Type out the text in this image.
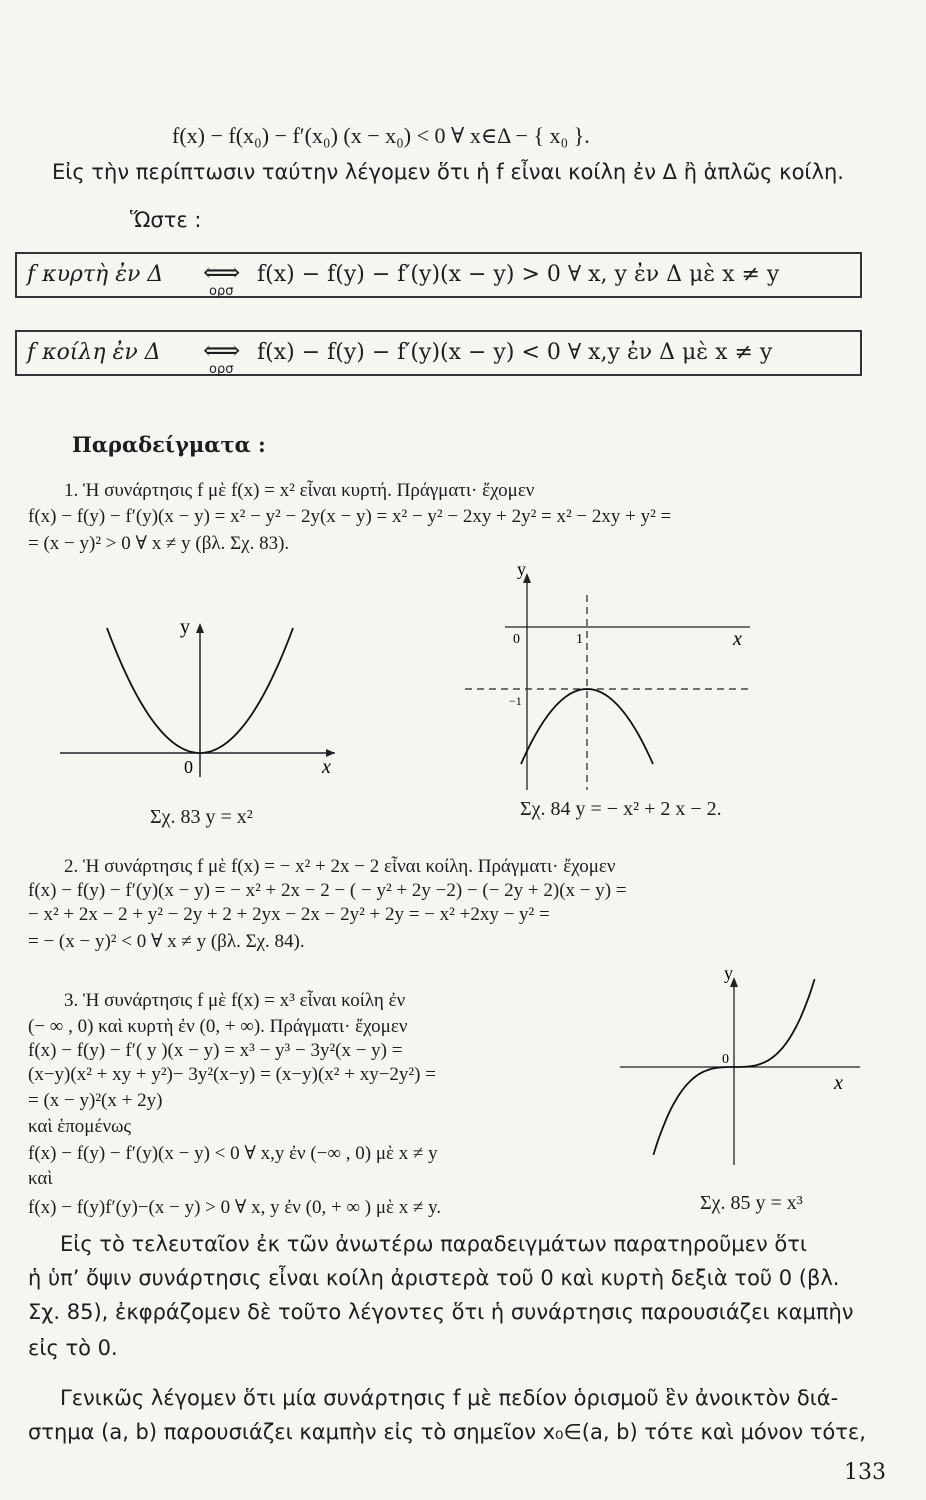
f(x) − f(x₀) − f′(x₀) (x − x₀) < 0 ∀ x∈Δ − { x₀ }.
Εἰς τὴν περίπτωσιν ταύτην λέγομεν ὅτι ἡ f εἶναι κοίλη ἐν Δ ἢ ἁπλῶς κοίλη.
Ὥστε :
f κυρτὴ ἐν Δ ⟺
ορσ
f(x) − f(y) − f′(y)(x − y) > 0 ∀ x, y ἐν Δ μὲ x ≠ y
f κοίλη ἐν Δ ⟺
ορσ
f(x) − f(y) − f′(y)(x − y) < 0 ∀ x,y ἐν Δ μὲ x ≠ y
Παραδείγματα :
1. Ἡ συνάρτησις f μὲ f(x) = x² εἶναι κυρτή. Πράγματι· ἔχομεν
f(x) − f(y) − f′(y)(x − y) = x² − y² − 2y(x − y) = x² − y² − 2xy + 2y² = x² − 2xy + y² =
= (x − y)² > 0 ∀ x ≠ y (βλ. Σχ. 83).
y
x
0
Σχ. 83 y = x²
y
x
0	1
−1
Σχ. 84 y = − x² + 2 x − 2.
2. Ἡ συνάρτησις f μὲ f(x) = − x² + 2x − 2 εἶναι κοίλη. Πράγματι· ἔχομεν
f(x) − f(y) − f′(y)(x − y) = − x² + 2x − 2 − ( − y² + 2y −2) − (− 2y + 2)(x − y) =
− x² + 2x − 2 + y² − 2y + 2 + 2yx − 2x − 2y² + 2y = − x² +2xy − y² =
= − (x − y)² < 0 ∀ x ≠ y (βλ. Σχ. 84).
3. Ἡ συνάρτησις f μὲ f(x) = x³ εἶναι κοίλη ἐν
(− ∞ , 0) καὶ κυρτὴ ἐν (0, + ∞). Πράγματι· ἔχομεν
f(x) − f(y) − f′( y )(x − y) = x³ − y³ − 3y²(x − y) =
(x−y)(x² + xy + y²)− 3y²(x−y) = (x−y)(x² + xy−2y²) =
= (x − y)²(x + 2y)
καὶ ἑπομένως
f(x) − f(y) − f′(y)(x − y) < 0 ∀ x,y ἐν (−∞ , 0) μὲ x ≠ y
καὶ
f(x) − f(y)f′(y)−(x − y) > 0 ∀ x, y ἐν (0, + ∞ ) μὲ x ≠ y.
y
x
0
Σχ. 85 y = x³
Εἰς τὸ τελευταῖον ἐκ τῶν ἀνωτέρω παραδειγμάτων παρατηροῦμεν ὅτι
ἡ ὑπ’ ὄψιν συνάρτησις εἶναι κοίλη ἀριστερὰ τοῦ 0 καὶ κυρτὴ δεξιὰ τοῦ 0 (βλ.
Σχ. 85), ἐκφράζομεν δὲ τοῦτο λέγοντες ὅτι ἡ συνάρτησις παρουσιάζει καμπὴν
εἰς τὸ 0.
Γενικῶς λέγομεν ὅτι μία συνάρτησις f μὲ πεδίον ὁρισμοῦ ἓν ἀνοικτὸν διά-
στημα (a, b) παρουσιάζει καμπὴν εἰς τὸ σημεῖον x₀∈(a, b) τότε καὶ μόνον τότε,
133
